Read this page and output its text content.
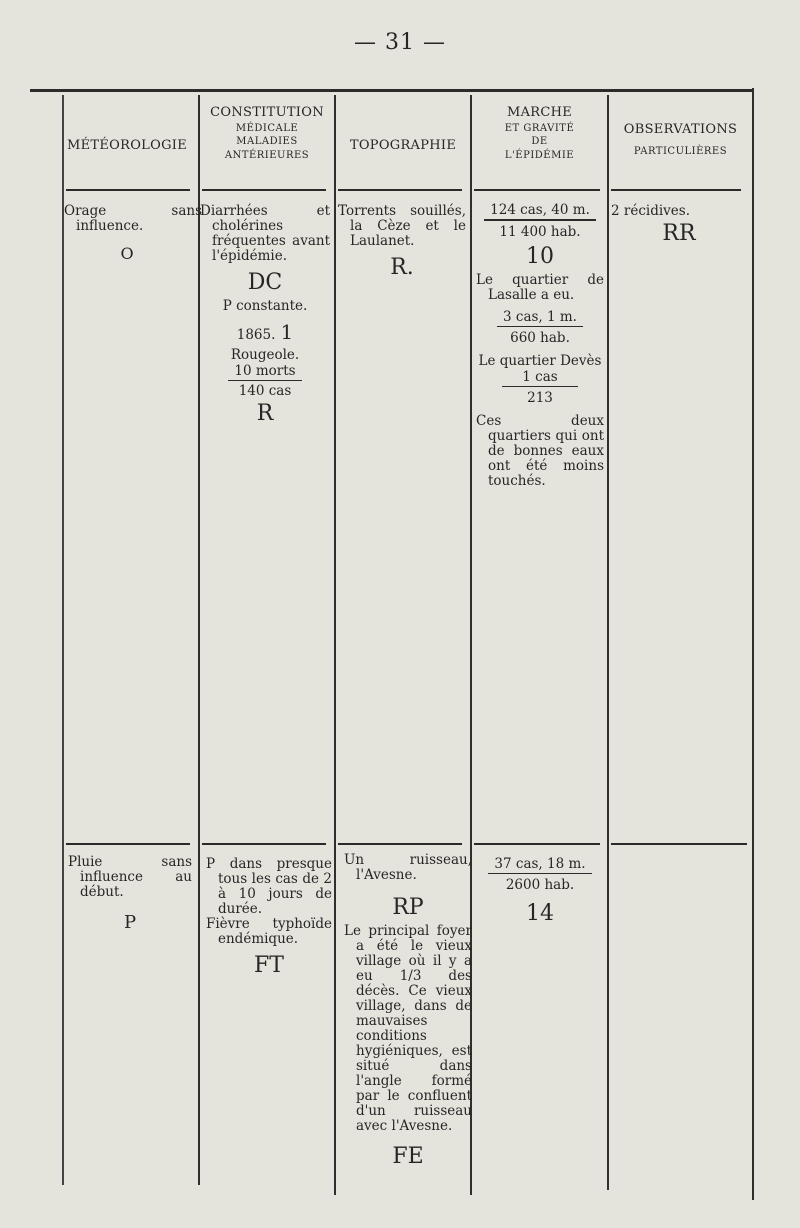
— 31 —
MÉTÉOROLOGIE
CONSTITUTION
MÉDICALE
MALADIES
ANTÉRIEURES
TOPOGRAPHIE
MARCHE
ET GRAVITÉ
DE
L'ÉPIDÉMIE
OBSERVATIONS
PARTICULIÈRES
Orage sans influence.
O
Diarrhées et cholérines fréquentes avant l'épidémie.
DC
P constante.
1865. 1
Rougeole.
10 morts
140 cas
R
Torrents souillés, la Cèze et le Laulanet.
R.
124 cas, 40 m.
11 400 hab.
10
Le quartier de Lasalle a eu.
3 cas, 1 m.
660 hab.
Le quartier Devès
1 cas
213
Ces deux quartiers qui ont de bonnes eaux ont été moins touchés.
2 récidives.
RR
Pluie sans influence au début.
P
P dans presque tous les cas de 2 à 10 jours de durée.
Fièvre typhoïde endémique.
FT
Un ruisseau, l'Avesne.
RP
Le principal foyer a été le vieux village où il y a eu 1/3 des décès. Ce vieux village, dans de mauvaises conditions hygiéniques, est situé dans l'angle formé par le confluent d'un ruisseau avec l'Avesne.
FE
37 cas, 18 m.
2600 hab.
14
